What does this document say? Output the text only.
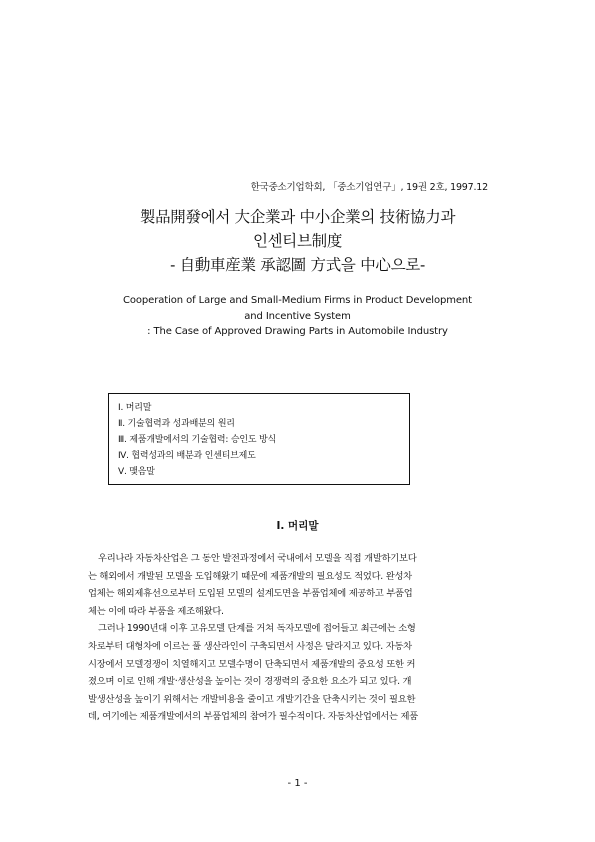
한국중소기업학회, 「중소기업연구」, 19권 2호, 1997.12
製品開發에서 大企業과 中小企業의 技術協力과
인센티브制度
- 自動車産業 承認圖 方式을 中心으로-
Cooperation of Large and Small-Medium Firms in Product Development
and Incentive System
: The Case of Approved Drawing Parts in Automobile Industry
Ⅰ. 머리말
Ⅱ. 기술협력과 성과배분의 원리
Ⅲ. 제품개발에서의 기술협력: 승인도 방식
Ⅳ. 협력성과의 배분과 인센티브제도
Ⅴ. 맺음말
Ⅰ. 머리말
우리나라 자동차산업은 그 동안 발전과정에서 국내에서 모델을 직접 개발하기보다
는 해외에서 개발된 모델을 도입해왔기 때문에 제품개발의 필요성도 적었다. 완성차
업체는 해외제휴선으로부터 도입된 모델의 설계도면을 부품업체에 제공하고 부품업
체는 이에 따라 부품을 제조해왔다.
그러나 1990년대 이후 고유모델 단계를 거쳐 독자모델에 접어들고 최근에는 소형
차로부터 대형차에 이르는 풀 생산라인이 구축되면서 사정은 달라지고 있다. 자동차
시장에서 모델경쟁이 치열해지고 모델수명이 단축되면서 제품개발의 중요성 또한 커
졌으며 이로 인해 개발·생산성을 높이는 것이 경쟁력의 중요한 요소가 되고 있다. 개
발생산성을 높이기 위해서는 개발비용을 줄이고 개발기간을 단축시키는 것이 필요한
데, 여기에는 제품개발에서의 부품업체의 참여가 필수적이다. 자동차산업에서는 제품
- 1 -
